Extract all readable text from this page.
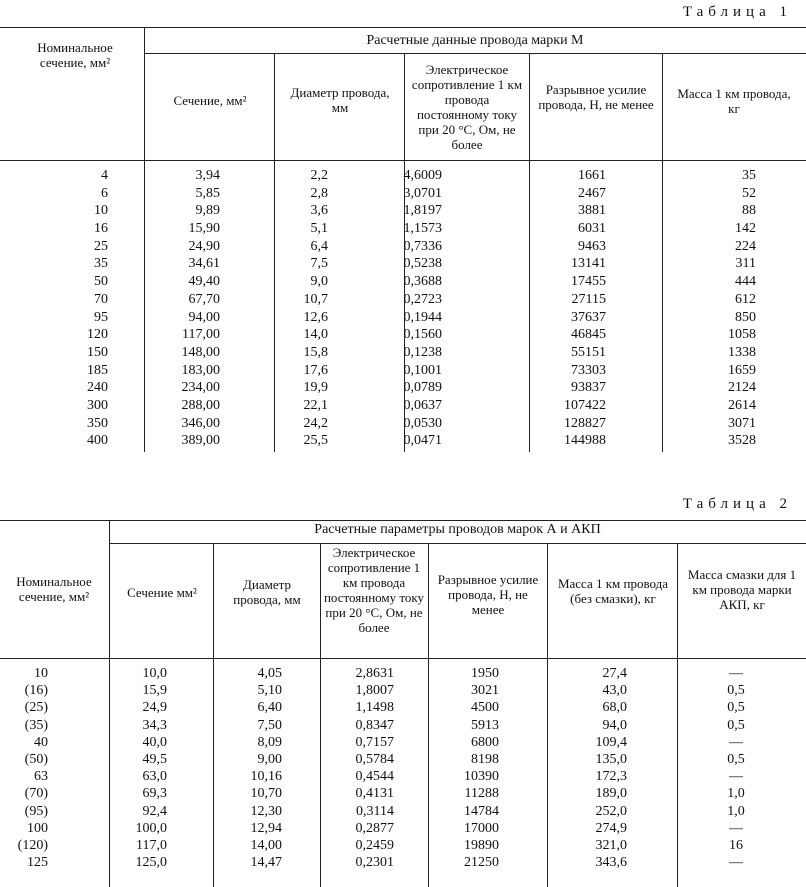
Таблица 1
Номинальное сечение, мм²
Расчетные данные провода марки М
Сечение, мм²
Диаметр провода, мм
Электрическое сопротивление 1 км провода постоянному току при 20 °С, Ом, не более
Разрывное усилие провода, Н, не менее
Масса 1 км провода, кг
4	3,94	2,2	4,6009	1661	35
6	5,85	2,8	3,0701	2467	52
10	9,89	3,6	1,8197	3881	88
16	15,90	5,1	1,1573	6031	142
25	24,90	6,4	0,7336	9463	224
35	34,61	7,5	0,5238	13141	311
50	49,40	9,0	0,3688	17455	444
70	67,70	10,7	0,2723	27115	612
95	94,00	12,6	0,1944	37637	850
120	117,00	14,0	0,1560	46845	1058
150	148,00	15,8	0,1238	55151	1338
185	183,00	17,6	0,1001	73303	1659
240	234,00	19,9	0,0789	93837	2124
300	288,00	22,1	0,0637	107422	2614
350	346,00	24,2	0,0530	128827	3071
400	389,00	25,5	0,0471	144988	3528
Таблица 2
Номинальное сечение, мм²
Расчетные параметры проводов марок А и АКП
Сечение мм²
Диаметр провода, мм
Электрическое сопротивление 1 км провода постоянному току при 20 °С, Ом, не более
Разрывное усилие провода, Н, не менее
Масса 1 км провода (без смазки), кг
Масса смазки для 1 км провода марки АКП, кг
10	10,0	4,05	2,8631	1950	27,4	—
(16)	15,9	5,10	1,8007	3021	43,0	0,5
(25)	24,9	6,40	1,1498	4500	68,0	0,5
(35)	34,3	7,50	0,8347	5913	94,0	0,5
40	40,0	8,09	0,7157	6800	109,4	—
(50)	49,5	9,00	0,5784	8198	135,0	0,5
63	63,0	10,16	0,4544	10390	172,3	—
(70)	69,3	10,70	0,4131	11288	189,0	1,0
(95)	92,4	12,30	0,3114	14784	252,0	1,0
100	100,0	12,94	0,2877	17000	274,9	—
(120)	117,0	14,00	0,2459	19890	321,0	16
125	125,0	14,47	0,2301	21250	343,6	—
